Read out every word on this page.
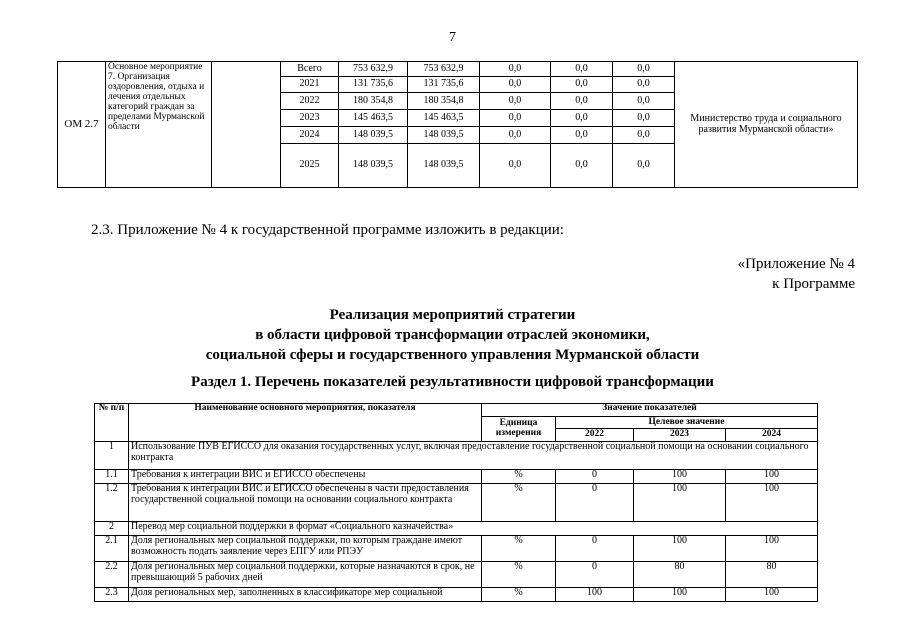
7
ОМ 2.7	Основное мероприятие 7. Организация оздоровления, отдыха и лечения отдельных категорий граждан за пределами Мурманской области		Всего	753 632,9	753 632,9	0,0	0,0	0,0	Министерство труда и социального развития Мурманской области»
			2021	131 735,6	131 735,6	0,0	0,0	0,0	
			2022	180 354,8	180 354,8	0,0	0,0	0,0	
			2023	145 463,5	145 463,5	0,0	0,0	0,0	
			2024	148 039,5	148 039,5	0,0	0,0	0,0	
			2025	148 039,5	148 039,5	0,0	0,0	0,0	
2.3. Приложение № 4 к государственной программе изложить в редакции:
«Приложение № 4
к Программе
Реализация мероприятий стратегии
в области цифровой трансформации отраслей экономики,
социальной сферы и государственного управления Мурманской области
Раздел 1. Перечень показателей результативности цифровой трансформации
№ п/п	Наименование основного мероприятия, показателя	Значение показателей			
		Единица измерения	Целевое значение		
			2022	2023	2024
1	Использование ПУВ ЕГИССО для оказания государственных услуг, включая предоставление государственной социальной помощи на основании социального контракта				
1.1	Требования к интеграции ВИС и ЕГИССО обеспечены	%	0	100	100
1.2	Требования к интеграции ВИС и ЕГИССО обеспечены в части предоставления государственной социальной помощи на основании социального контракта	%	0	100	100
2	Перевод мер социальной поддержки в формат «Социального казначейства»				
2.1	Доля региональных мер социальной поддержки, по которым граждане имеют возможность подать заявление через ЕПГУ или РПЭУ	%	0	100	100
2.2	Доля региональных мер социальной поддержки, которые назначаются в срок, не превышающий 5 рабочих дней	%	0	80	80
2.3	Доля региональных мер, заполненных в классификаторе мер социальной	%	100	100	100
